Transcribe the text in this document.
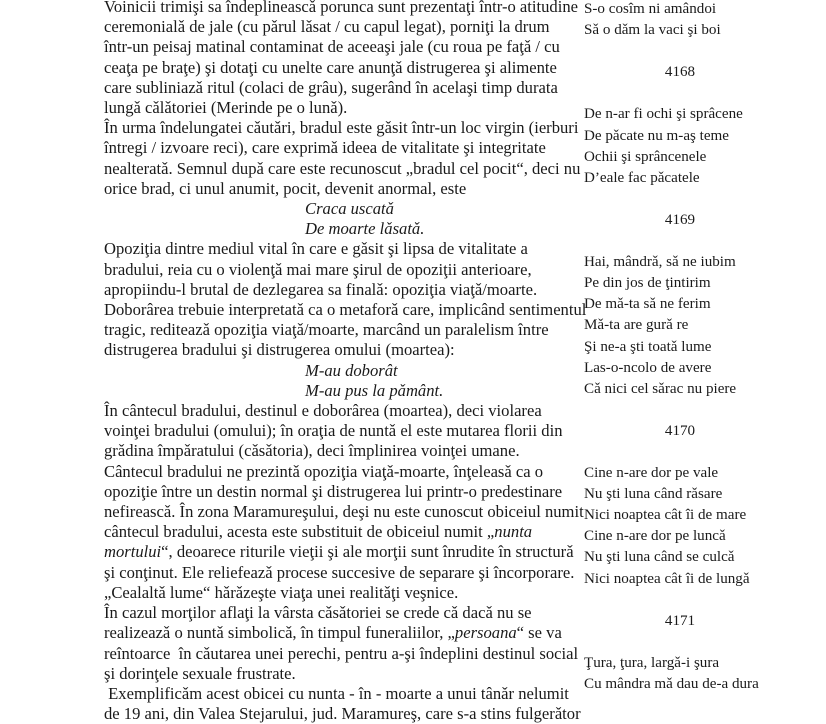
Voinicii trimişi sa îndeplineascǎ porunca sunt prezentaţi într-o atitudine
ceremonialǎ de jale (cu pǎrul lǎsat / cu capul legat), porniţi la drum
într-un peisaj matinal contaminat de aceeaşi jale (cu roua pe faţǎ / cu
ceaţa pe braţe) şi dotaţi cu unelte care anunţǎ distrugerea şi alimente
care subliniazǎ ritul (colaci de grâu), sugerând în acelaşi timp durata
lungǎ cǎlǎtoriei (Merinde pe o lunǎ).
În urma îndelungatei cǎutǎri, bradul este gǎsit într-un loc virgin (ierburi
întregi / izvoare reci), care exprimǎ ideea de vitalitate şi integritate
nealteratǎ. Semnul dupǎ care este recunoscut „bradul cel pocit“, deci nu
orice brad, ci unul anumit, pocit, devenit anormal, este
Craca uscatǎ
De moarte lǎsatǎ.
Opoziţia dintre mediul vital în care e gǎsit şi lipsa de vitalitate a
bradului, reia cu o violenţǎ mai mare şirul de opoziţii anterioare,
apropiindu-l brutal de dezlegarea sa finalǎ: opoziţia viaţǎ/moarte.
Doborârea trebuie interpretatǎ ca o metaforǎ care, implicând sentimentul
tragic, rediteazǎ opoziţia viaţǎ/moarte, marcând un paralelism între
distrugerea bradului şi distrugerea omului (moartea):
M-au doborât
M-au pus la pǎmânt.
În cântecul bradului, destinul e doborârea (moartea), deci violarea
voinţei bradului (omului); în oraţia de nuntǎ el este mutarea florii din
grǎdina împǎratului (cǎsǎtoria), deci împlinirea voinţei umane.
Cântecul bradului ne prezintǎ opoziţia viaţǎ-moarte, înţeleasǎ ca o
opoziţie între un destin normal şi distrugerea lui printr-o predestinare
nefireascǎ. În zona Maramureşului, deşi nu este cunoscut obiceiul numit
cântecul bradului, acesta este substituit de obiceiul numit „nunta
mortului“, deoarece riturile vieţii şi ale morţii sunt înrudite în structurǎ
şi conţinut. Ele reliefeazǎ procese succesive de separare şi încorporare.
„Cealaltǎ lume“ hǎrǎzeşte viaţa unei realitǎţi veşnice.
În cazul morţilor aflaţi la vârsta cǎsǎtoriei se crede cǎ dacǎ nu se
realizeazǎ o nuntǎ simbolicǎ, în timpul funeraliilor, „persoana“ se va
reîntoarce  în cǎutarea unei perechi, pentru a-şi îndeplini destinul social
şi dorinţele sexuale frustrate.
Exemplificǎm acest obicei cu nunta - în - moarte a unui tânǎr nelumit
de 19 ani, din Valea Stejarului, jud. Maramureş, care s-a stins fulgerǎtor
S-o cosîm ni amândoi
Sǎ o dǎm la vaci şi boi
4168
De n-ar fi ochi şi sprâcene
De pǎcate nu m-aş teme
Ochii şi sprâncenele
D’eale fac pǎcatele
4169
Hai, mândrǎ, sǎ ne iubim
Pe din jos de ţintirim
De mǎ-ta sǎ ne ferim
Mǎ-ta are gurǎ re
Şi ne-a şti toatǎ lume
Las-o-ncolo de avere
Cǎ nici cel sǎrac nu piere
4170
Cine n-are dor pe vale
Nu şti luna când rǎsare
Nici noaptea cât îi de mare
Cine n-are dor pe luncǎ
Nu şti luna când se culcǎ
Nici noaptea cât îi de lungǎ
4171
Ţura, ţura, largǎ-i şura
Cu mândra mǎ dau de-a dura
